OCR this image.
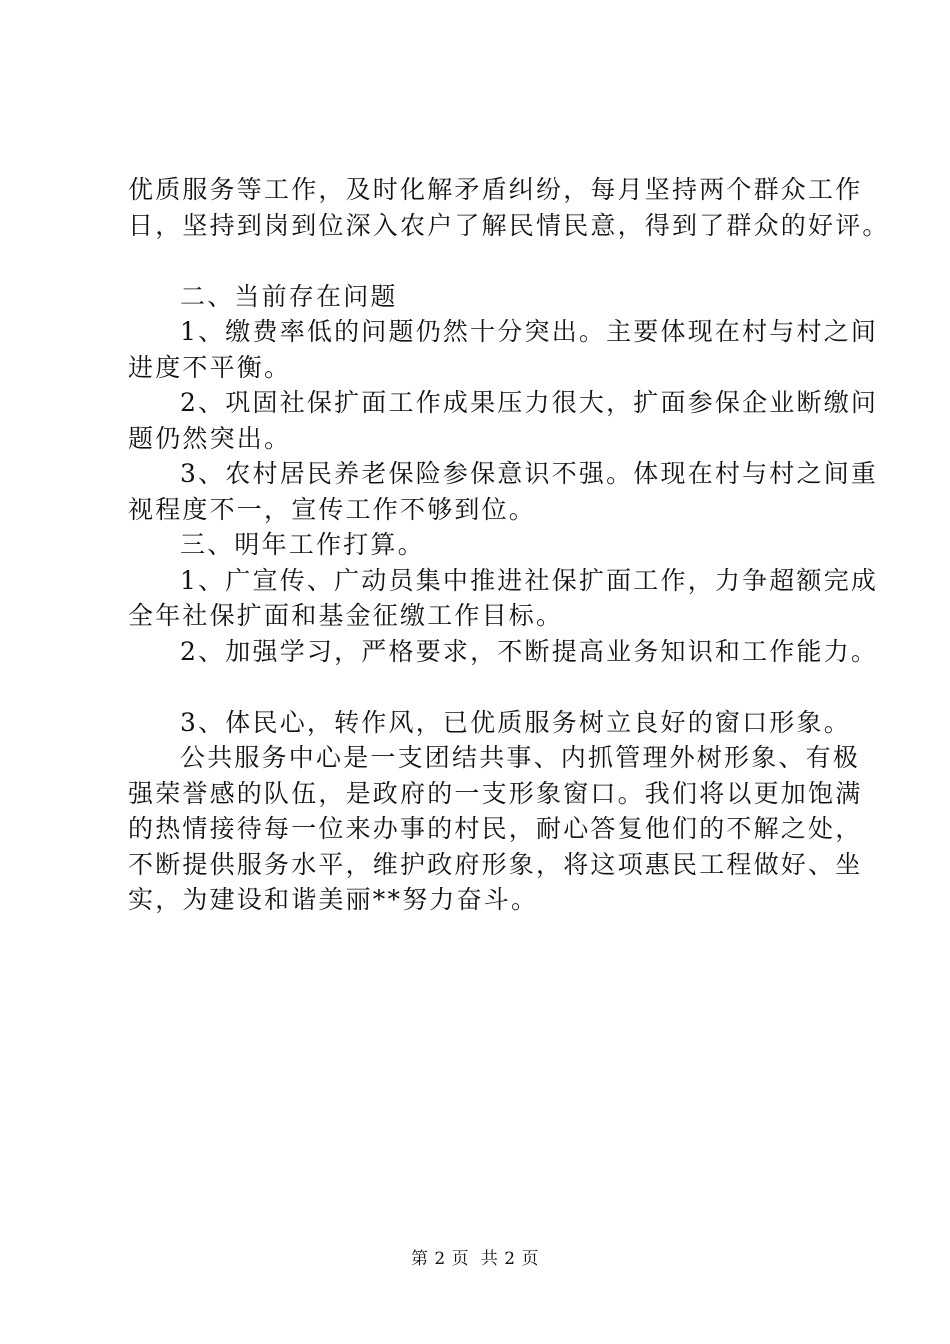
优质服务等工作，及时化解矛盾纠纷，每月坚持两个群众工作

日，坚持到岗到位深入农户了解民情民意，得到了群众的好评。

二、当前存在问题

1、缴费率低的问题仍然十分突出。主要体现在村与村之间

进度不平衡。

2、巩固社保扩面工作成果压力很大，扩面参保企业断缴问

题仍然突出。

3、农村居民养老保险参保意识不强。体现在村与村之间重

视程度不一，宣传工作不够到位。

三、明年工作打算。

1、广宣传、广动员集中推进社保扩面工作，力争超额完成

全年社保扩面和基金征缴工作目标。

2、加强学习，严格要求，不断提高业务知识和工作能力。

3、体民心，转作风，已优质服务树立良好的窗口形象。

公共服务中心是一支团结共事、内抓管理外树形象、有极

强荣誉感的队伍，是政府的一支形象窗口。我们将以更加饱满

的热情接待每一位来办事的村民，耐心答复他们的不解之处，

不断提供服务水平，维护政府形象，将这项惠民工程做好、坐

实，为建设和谐美丽**努力奋斗。

第 2 页  共 2 页
